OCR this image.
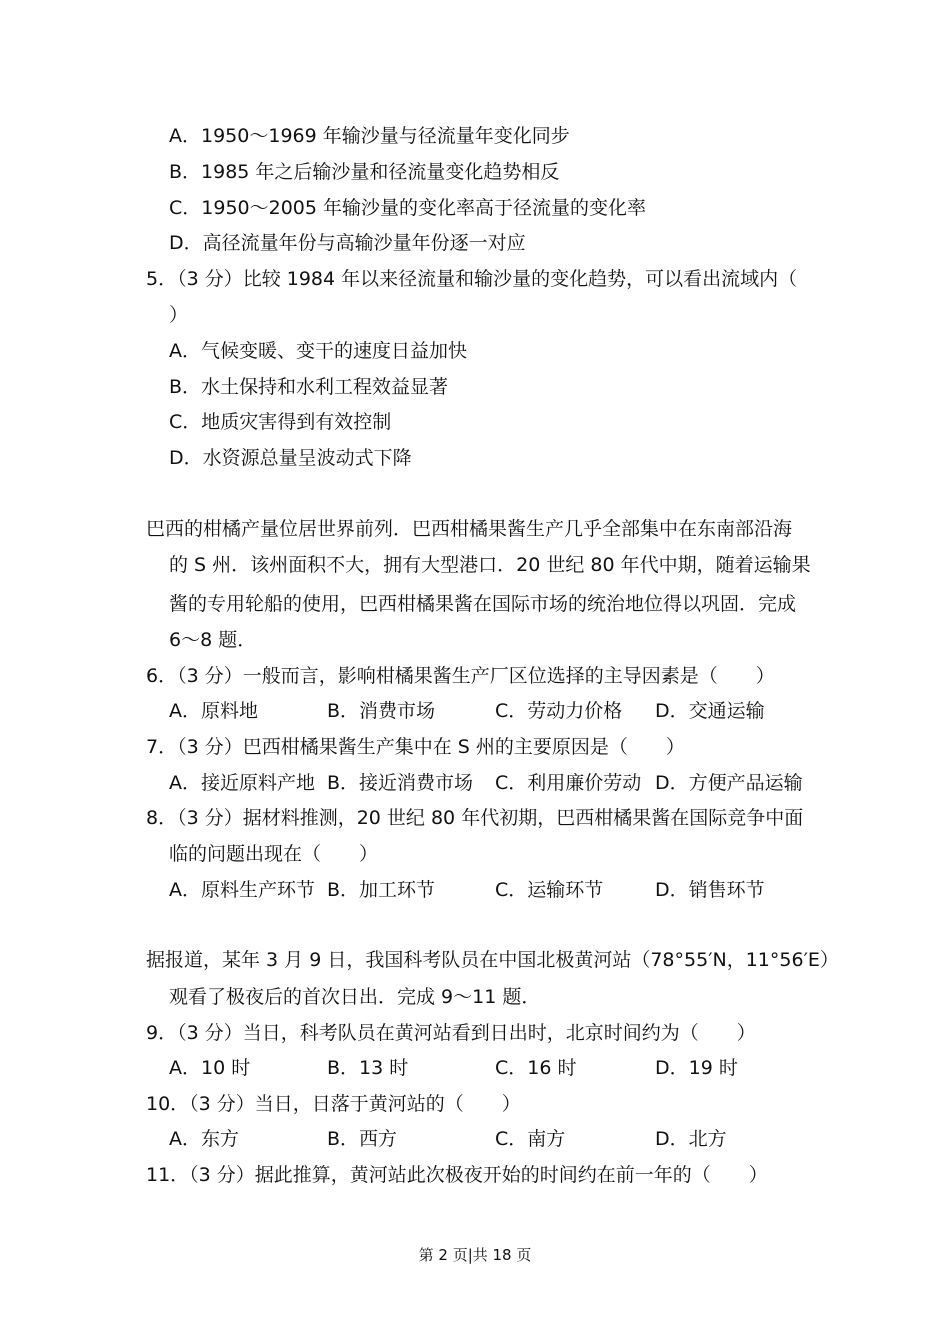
A．1950～1969 年输沙量与径流量年变化同步
B．1985 年之后输沙量和径流量变化趋势相反
C．1950～2005 年输沙量的变化率高于径流量的变化率
D．高径流量年份与高输沙量年份逐一对应
5．（3 分）比较 1984 年以来径流量和输沙量的变化趋势，可以看出流域内（
）
A．气候变暖、变干的速度日益加快
B．水土保持和水利工程效益显著
C．地质灾害得到有效控制
D．水资源总量呈波动式下降
巴西的柑橘产量位居世界前列．巴西柑橘果酱生产几乎全部集中在东南部沿海
的 S 州．该州面积不大，拥有大型港口．20 世纪 80 年代中期，随着运输果
酱的专用轮船的使用，巴西柑橘果酱在国际市场的统治地位得以巩固．完成
6～8 题．
6．（3 分）一般而言，影响柑橘果酱生产厂区位选择的主导因素是（　　）
A．原料地	B．消费市场	C．劳动力价格 D．交通运输
7．（3 分）巴西柑橘果酱生产集中在 S 州的主要原因是（　　）
A．接近原料产地 B．接近消费市场 C．利用廉价劳动 D．方便产品运输
8．（3 分）据材料推测，20 世纪 80 年代初期，巴西柑橘果酱在国际竞争中面
临的问题出现在（　　）
A．原料生产环节 B．加工环节	C．运输环节	D．销售环节
据报道，某年 3 月 9 日，我国科考队员在中国北极黄河站（78°55′N，11°56′E）
观看了极夜后的首次日出．完成 9～11 题．
9．（3 分）当日，科考队员在黄河站看到日出时，北京时间约为（　　）
A．10 时	B．13 时	C．16 时	D．19 时
10．（3 分）当日，日落于黄河站的（　　）
A．东方	B．西方	C．南方	D．北方
11．（3 分）据此推算，黄河站此次极夜开始的时间约在前一年的（　　）
第 2 页|共 18 页
